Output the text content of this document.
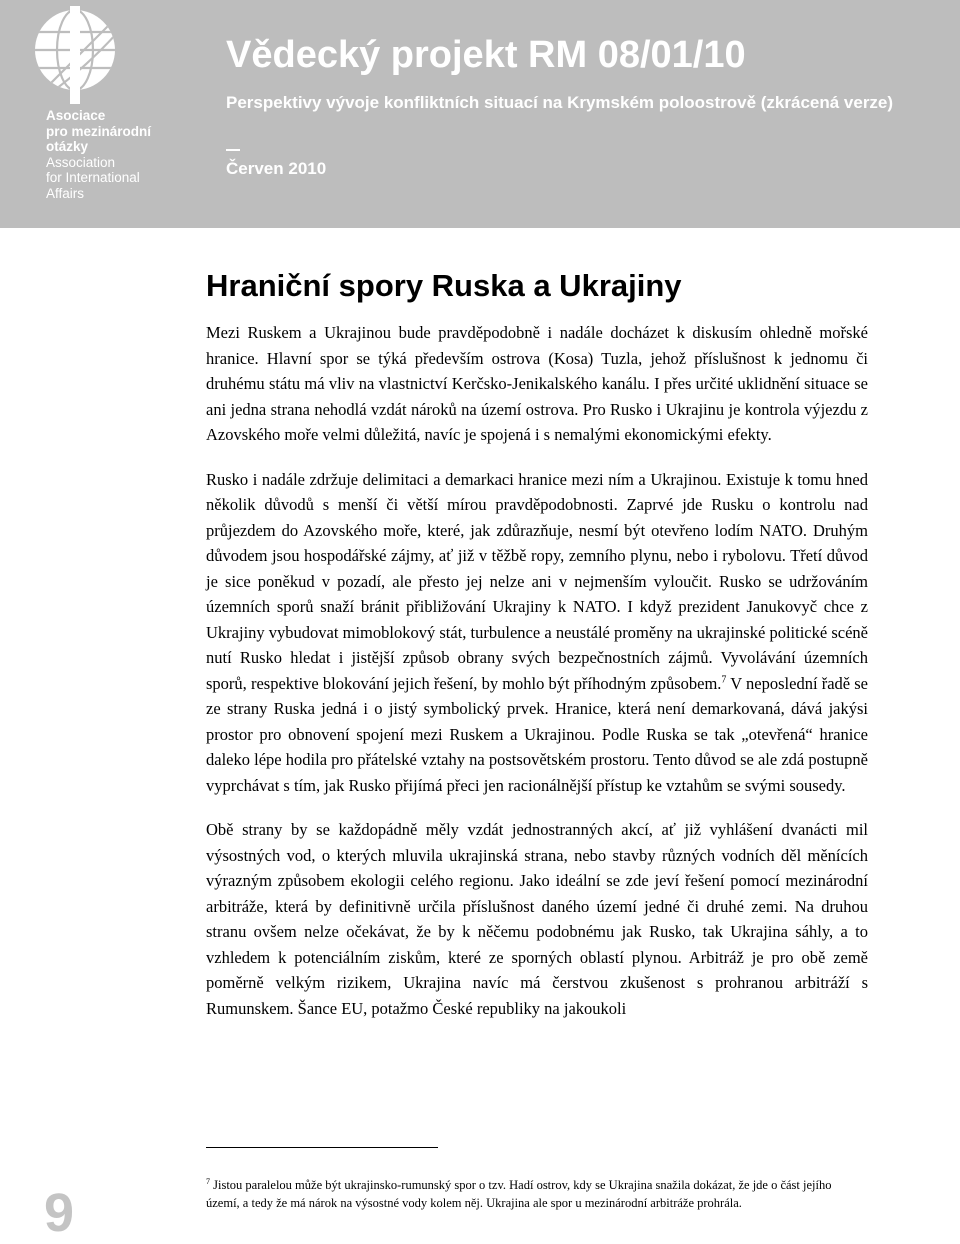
Asociace
pro mezinárodní
otázky
Association
for International
Affairs
Vědecký projekt RM 08/01/10

Perspektivy vývoje konfliktních situací na Krymském poloostrově (zkrácená verze)

Červen 2010

Hraniční spory Ruska a Ukrajiny

Mezi Ruskem a Ukrajinou bude pravděpodobně i nadále docházet k diskusím ohledně mořské hranice. Hlavní spor se týká především ostrova (Kosa) Tuzla, jehož příslušnost k jednomu či druhému státu má vliv na vlastnictví Kerčsko-Jenikalského kanálu. I přes určité uklidnění situace se ani jedna strana nehodlá vzdát nároků na území ostrova. Pro Rusko i Ukrajinu je kontrola výjezdu z Azovského moře velmi důležitá, navíc je spojená i s nemalými ekonomickými efekty.

Rusko i nadále zdržuje delimitaci a demarkaci hranice mezi ním a Ukrajinou. Existuje k tomu hned několik důvodů s menší či větší mírou pravděpodobnosti. Zaprvé jde Rusku o kontrolu nad průjezdem do Azovského moře, které, jak zdůrazňuje, nesmí být otevřeno lodím NATO. Druhým důvodem jsou hospodářské zájmy, ať již v těžbě ropy, zemního plynu, nebo i rybolovu. Třetí důvod je sice poněkud v pozadí, ale přesto jej nelze ani v nejmenším vyloučit. Rusko se udržováním územních sporů snaží bránit přibližování Ukrajiny k NATO. I když prezident Janukovyč chce z Ukrajiny vybudovat mimoblokový stát, turbulence a neustálé proměny na ukrajinské politické scéně nutí Rusko hledat i jistější způsob obrany svých bezpečnostních zájmů. Vyvolávání územních sporů, respektive blokování jejich řešení, by mohlo být příhodným způsobem.$^7$ V neposlední řadě se ze strany Ruska jedná i o jistý symbolický prvek. Hranice, která není demarkovaná, dává jakýsi prostor pro obnovení spojení mezi Ruskem a Ukrajinou. Podle Ruska se tak „otevřená“ hranice daleko lépe hodila pro přátelské vztahy na postsovětském prostoru. Tento důvod se ale zdá postupně vyprchávat s tím, jak Rusko přijímá přeci jen racionálnější přístup ke vztahům se svými sousedy.

Obě strany by se každopádně měly vzdát jednostranných akcí, ať již vyhlášení dvanácti mil výsostných vod, o kterých mluvila ukrajinská strana, nebo stavby různých vodních děl měnících výrazným způsobem ekologii celého regionu. Jako ideální se zde jeví řešení pomocí mezinárodní arbitráže, která by definitivně určila příslušnost daného území jedné či druhé zemi. Na druhou stranu ovšem nelze očekávat, že by k něčemu podobnému jak Rusko, tak Ukrajina sáhly, a to vzhledem k potenciálním ziskům, které ze sporných oblastí plynou. Arbitráž je pro obě země poměrně velkým rizikem, Ukrajina navíc má čerstvou zkušenost s prohranou arbitráží s Rumunskem. Šance EU, potažmo České republiky na jakoukoli

$^7$ Jistou paralelou může být ukrajinsko-rumunský spor o tzv. Hadí ostrov, kdy se Ukrajina snažila dokázat, že jde o část jejího území, a tedy že má nárok na výsostné vody kolem něj. Ukrajina ale spor u mezinárodní arbitráže prohrála.

9
